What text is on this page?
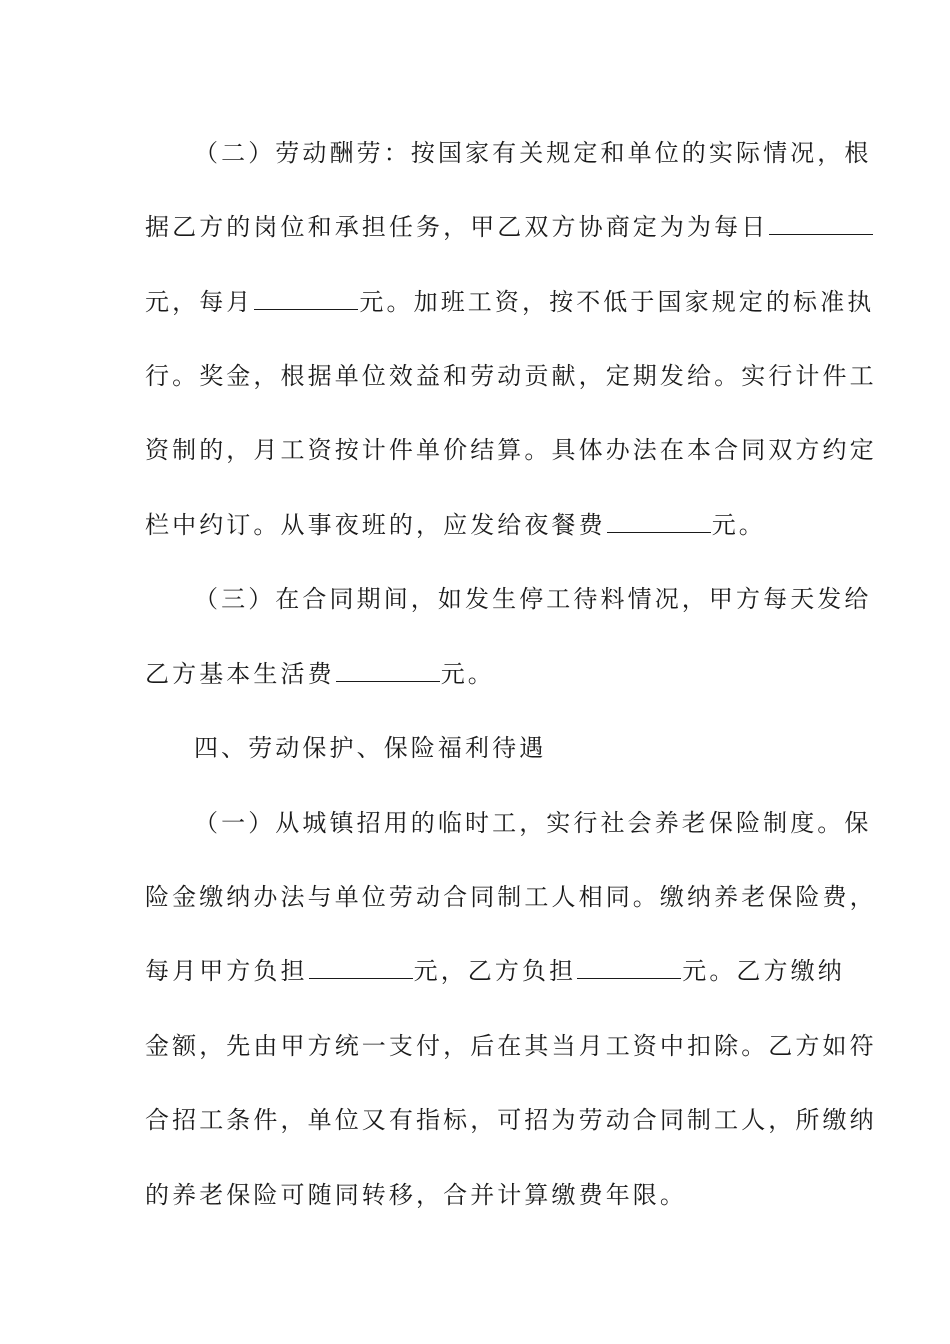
（二）劳动酬劳：按国家有关规定和单位的实际情况，根
据乙方的岗位和承担任务，甲乙双方协商定为为每日
元，每月	元。加班工资，按不低于国家规定的标准执
行。奖金，根据单位效益和劳动贡献，定期发给。实行计件工
资制的，月工资按计件单价结算。具体办法在本合同双方约定
栏中约订。从事夜班的，应发给夜餐费	元。
（三）在合同期间，如发生停工待料情况，甲方每天发给
乙方基本生活费	元。
四、劳动保护、保险福利待遇
（一）从城镇招用的临时工，实行社会养老保险制度。保
险金缴纳办法与单位劳动合同制工人相同。缴纳养老保险费，
每月甲方负担	元，乙方负担	元。乙方缴纳
金额，先由甲方统一支付，后在其当月工资中扣除。乙方如符
合招工条件，单位又有指标，可招为劳动合同制工人，所缴纳
的养老保险可随同转移，合并计算缴费年限。
